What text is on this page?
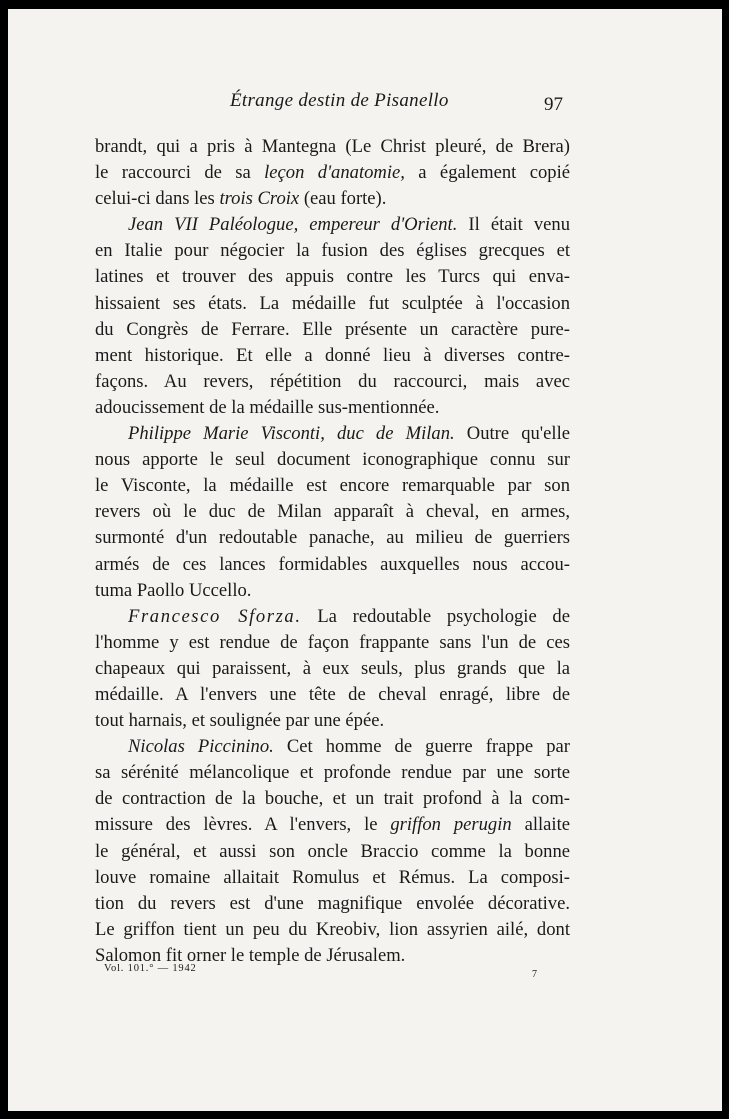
Étrange destin de Pisanello	97
brandt, qui a pris à Mantegna (Le Christ pleuré, de Brera)
le raccourci de sa leçon d'anatomie, a également copié
celui-ci dans les trois Croix (eau forte).
Jean VII Paléologue, empereur d'Orient. Il était venu
en Italie pour négocier la fusion des églises grecques et
latines et trouver des appuis contre les Turcs qui enva-
hissaient ses états. La médaille fut sculptée à l'occasion
du Congrès de Ferrare. Elle présente un caractère pure-
ment historique. Et elle a donné lieu à diverses contre-
façons. Au revers, répétition du raccourci, mais avec
adoucissement de la médaille sus-mentionnée.
Philippe Marie Visconti, duc de Milan. Outre qu'elle
nous apporte le seul document iconographique connu sur
le Visconte, la médaille est encore remarquable par son
revers où le duc de Milan apparaît à cheval, en armes,
surmonté d'un redoutable panache, au milieu de guerriers
armés de ces lances formidables auxquelles nous accou-
tuma Paollo Uccello.
Francesco Sforza. La redoutable psychologie de
l'homme y est rendue de façon frappante sans l'un de ces
chapeaux qui paraissent, à eux seuls, plus grands que la
médaille. A l'envers une tête de cheval enragé, libre de
tout harnais, et soulignée par une épée.
Nicolas Piccinino. Cet homme de guerre frappe par
sa sérénité mélancolique et profonde rendue par une sorte
de contraction de la bouche, et un trait profond à la com-
missure des lèvres. A l'envers, le griffon perugin allaite
le général, et aussi son oncle Braccio comme la bonne
louve romaine allaitait Romulus et Rémus. La composi-
tion du revers est d'une magnifique envolée décorative.
Le griffon tient un peu du Kreobiv, lion assyrien ailé, dont
Salomon fit orner le temple de Jérusalem.
Vol. 101.° — 1942
7
